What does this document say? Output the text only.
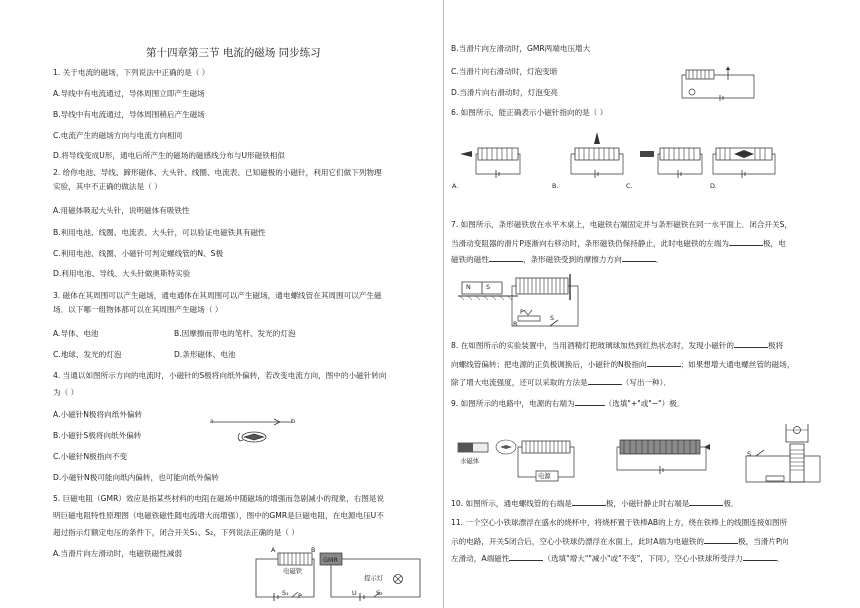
第十四章第三节 电流的磁场 同步练习
1. 关于电流的磁场，下列说法中正确的是（ ）
A.导线中有电流通过，导体周围立即产生磁场
B.导线中有电流通过，导体周围稍后产生磁场
C.电流产生的磁场方向与电流方向相同
D.将导线变成U形，通电后所产生的磁场的磁感线分布与U形磁铁相似
2. 给你电池、导线、蹄形磁体、大头针、线圈、电流表、已知磁极的小磁针，利用它们做下列物理
实验，其中不正确的做法是（ ）
A.用磁体吸起大头针，说明磁体有吸铁性
B.利用电池、线圈、电流表、大头针，可以验证电磁铁具有磁性
C.利用电池、线圈、小磁针可判定螺线管的N、S极
D.利用电池、导线、大头针做奥斯特实验
3. 磁体在其周围可以产生磁场，通电通体在其周围可以产生磁场，通电螺线管在其周围可以产生磁
场．以下哪一组物体都可以在其周围产生磁场（ ）
A.导体、电池	B.因摩擦而带电的笔杆、发光的灯泡
C.地球、发光的灯泡	D.条形磁体、电池
4. 当通以如图所示方向的电流时，小磁针的S极将向纸外偏转，若改变电流方向，图中的小磁针转向
为（ ）
A.小磁针N极将向纸外偏转
B.小磁针S极将向纸外偏转
C.小磁针N极指向不变
D.小磁针N极可能向纸内偏转，也可能向纸外偏转
a	b
5. 巨磁电阻（GMR）效应是指某些材料的电阻在磁场中随磁场的增强而急剧减小的现象，右图是说
明巨磁电阻特性原理图（电磁铁磁性随电流增大而增强），图中的GMR是巨磁电阻，在电源电压U不
超过指示灯额定电压的条件下，闭合开关S₁、S₂，下列说法正确的是（ ）
A.当滑片向左滑动时，电磁铁磁性减弱	A	B
电磁铁
GMR
提示灯
S₁ P	U	S₂
B.当滑片向左滑动时，GMR两端电压增大
C.当滑片向右滑动时，灯泡变暗
D.当滑片向右滑动时，灯泡变亮
6. 如图所示，能正确表示小磁针指向的是（ ）
A.	B.	C.	D.
7. 如图所示，条形磁铁放在水平木桌上，电磁铁右端固定并与条形磁铁在同一水平面上．闭合开关S，
当滑动变阻器的滑片P逐渐向右移动时，条形磁铁仍保持静止，此时电磁铁的左端为	极，电
磁铁的磁性	，条形磁铁受到的摩擦力方向	．
N S
P
R
S
8. 在如图所示的实验装置中，当用酒精灯把玻璃球加热到红热状态时，发现小磁针的	极将
向螺线管偏转；把电源的正负极调换后，小磁针的N极指向	；如果想增大通电螺丝管的磁场，
除了增大电流强度，还可以采取的方法是	（写出一种）．
9. 如图所示的电路中，电源的右端为	（选填"+"或"−"）极．
水磁体
电源
S
10. 如图所示，通电螺线管的右端是	极，小磁针静止时右端是	极．
11. 一个空心小铁球漂浮在盛水的烧杯中，将烧杯置于铁棒AB的上方，绕在铁棒上的线圈连接如图所
示的电路，开关S闭合后，空心小铁球仍漂浮在水面上，此时A端为电磁铁的	极，当滑片P向
左滑动，A端磁性	（选填"增大""减小"或"不变"，下同），空心小铁球所受浮力	．
